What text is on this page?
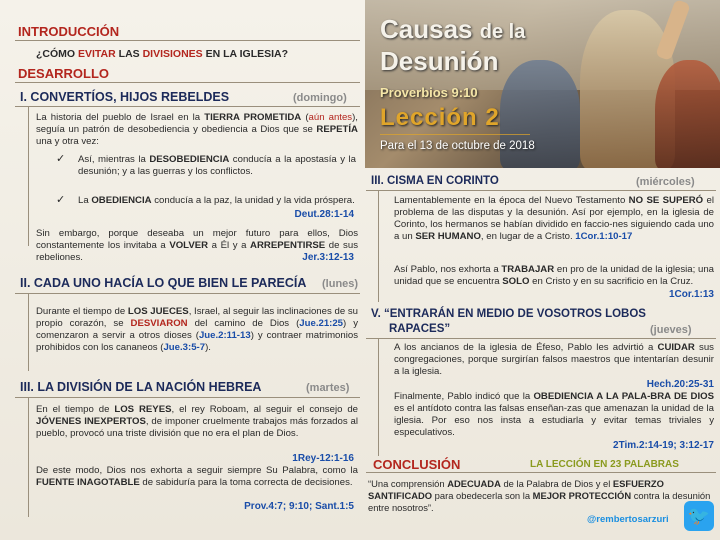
INTRODUCCIÓN
¿CÓMO EVITAR LAS DIVISIONES EN LA IGLESIA?
DESARROLLO
I. CONVERTÍOS, HIJOS REBELDES	(domingo)
La historia del pueblo de Israel en la TIERRA PROMETIDA (aún antes), seguía un patrón de desobediencia y obediencia a Dios que se REPETÍA una y otra vez:
✓ Así, mientras la DESOBEDIENCIA conducía a la apostasía y la desunión; y a las guerras y los conflictos.
✓ La OBEDIENCIA conducía a la paz, la unidad y la vida próspera.
Deut.28:1-14
Sin embargo, porque deseaba un mejor futuro para ellos, Dios constantemente los invitaba a VOLVER a Él y a ARREPENTIRSE de sus rebeliones.	Jer.3:12-13
II. CADA UNO HACÍA LO QUE BIEN LE PARECÍA (lunes)
Durante el tiempo de LOS JUECES, Israel, al seguir las inclinaciones de su propio corazón, se DESVIARON del camino de Dios (Jue.21:25) y comenzaron a servir a otros dioses (Jue.2:11-13) y contraer matrimonios prohibidos con los cananeos (Jue.3:5-7).
III. LA DIVISIÓN DE LA NACIÓN HEBREA	(martes)
En el tiempo de LOS REYES, el rey Roboam, al seguir el consejo de JÓVENES INEXPERTOS, de imponer cruelmente trabajos más forzados al pueblo, provocó una triste división que no era el plan de Dios.
1Rey-12:1-16
De este modo, Dios nos exhorta a seguir siempre Su Palabra, como la FUENTE INAGOTABLE de sabiduría para la toma correcta de decisiones.
Prov.4:7; 9:10; Sant.1:5
Causas de la
Desunión
Proverbios 9:10
Lección 2
Para el 13 de octubre de 2018
III. CISMA EN CORINTO	(miércoles)
Lamentablemente en la época del Nuevo Testamento NO SE SUPERÓ el problema de las disputas y la desunión. Así por ejemplo, en la iglesia de Corinto, los hermanos se habían dividido en faccio-nes siguiendo cada uno a un SER HUMANO, en lugar de a Cristo. 1Cor.1:10-17
Así Pablo, nos exhorta a TRABAJAR en pro de la unidad de la iglesia; una unidad que se encuentra SOLO en Cristo y en su sacrificio en la Cruz.
1Cor.1:13
V. “ENTRARÁN EN MEDIO DE VOSOTROS LOBOS
RAPACES”	(jueves)
A los ancianos de la iglesia de Éfeso, Pablo les advirtió a CUIDAR sus congregaciones, porque surgirían falsos maestros que intentarían desunir a la iglesia.
Hech.20:25-31
Finalmente, Pablo indicó que la OBEDIENCIA A LA PALA-BRA DE DIOS es el antídoto contra las falsas enseñan-zas que amenazan la unidad de la iglesia. Por eso nos insta a estudiarla y evitar temas triviales y especulativos.
2Tim.2:14-19; 3:12-17
CONCLUSIÓN	LA LECCIÓN EN 23 PALABRAS
“Una comprensión ADECUADA de la Palabra de Dios y el ESFUERZO SANTIFICADO para obedecerla son la MEJOR PROTECCIÓN contra la desunión entre nosotros”.
@rembertosarzuri 🐦
